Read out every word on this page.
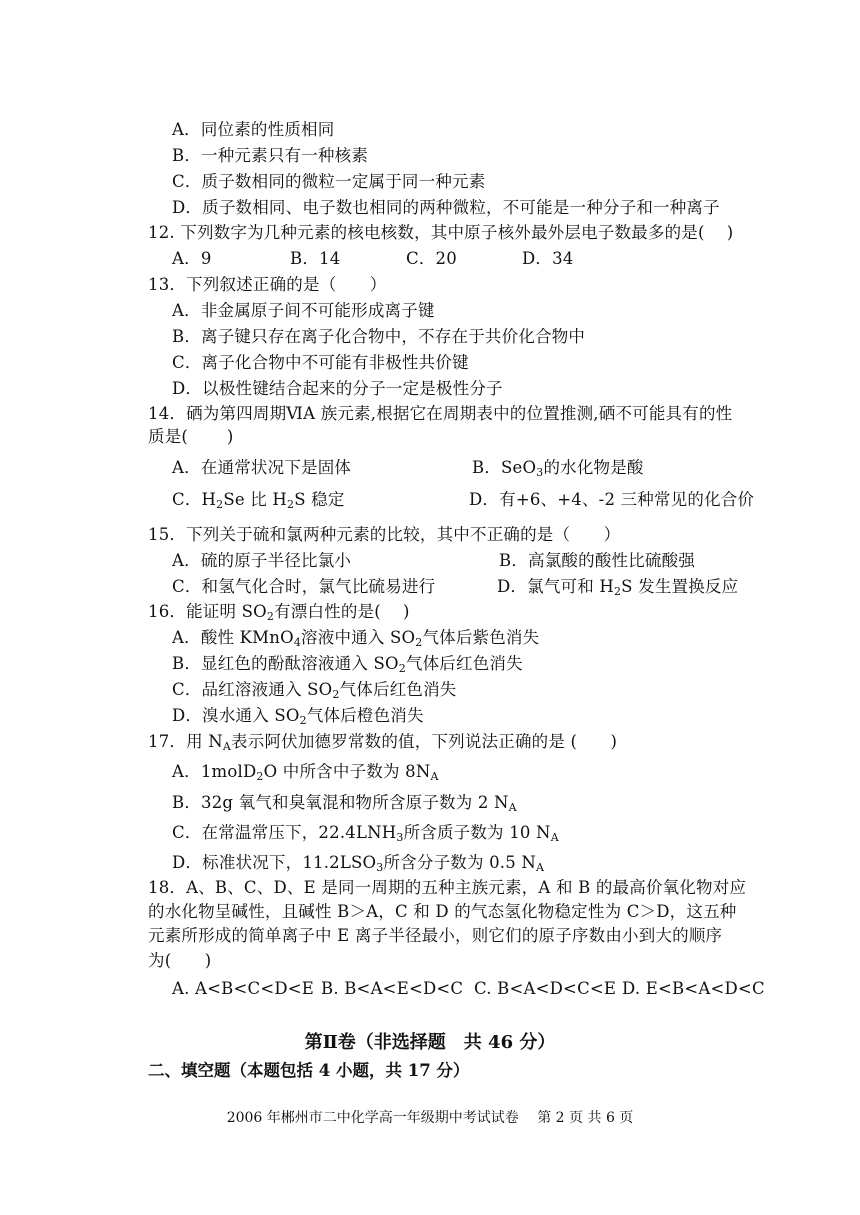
A．同位素的性质相同
B．一种元素只有一种核素
C．质子数相同的微粒一定属于同一种元素
D．质子数相同、电子数也相同的两种微粒，不可能是一种分子和一种离子
12. 下列数字为几种元素的核电核数，其中原子核外最外层电子数最多的是(　 )
A．9	B．14	C．20	D．34
13．下列叙述正确的是（　　）
A．非金属原子间不可能形成离子键
B．离子键只存在离子化合物中，不存在于共价化合物中
C．离子化合物中不可能有非极性共价键
D．以极性键结合起来的分子一定是极性分子
14．硒为第四周期ⅥA 族元素,根据它在周期表中的位置推测,硒不可能具有的性
质是(　　 )
A．在通常状况下是固体	B．SeO$_3$的水化物是酸
C．$H_2Se$ 比 $H_2S$ 稳定	D．有+6、+4、-2 三种常见的化合价
15．下列关于硫和氯两种元素的比较，其中不正确的是（　　）
A．硫的原子半径比氯小	B．高氯酸的酸性比硫酸强
C．和氢气化合时，氯气比硫易进行	D．氯气可和 $H_2S$ 发生置换反应
16．能证明 $SO_2$有漂白性的是(　 )
A．酸性 KMnO$_4$溶液中通入 $SO_2$气体后紫色消失
B．显红色的酚酞溶液通入 $SO_2$气体后红色消失
C．品红溶液通入 $SO_2$气体后红色消失
D．溴水通入 $SO_2$气体后橙色消失
17．用 $N_A$表示阿伏加德罗常数的值，下列说法正确的是 (　　)
A．1molD$_2$O 中所含中子数为 $8N_A$
B．32g 氧气和臭氧混和物所含原子数为 2 $N_A$
C．在常温常压下，$22.4LNH_3$所含质子数为 10 $N_A$
D．标准状况下，$11.2LSO_3$所含分子数为 0.5 $N_A$
18．A、B、C、D、E 是同一周期的五种主族元素，A 和 B 的最高价氧化物对应
的水化物呈碱性，且碱性 B＞A，C 和 D 的气态氢化物稳定性为 C＞D，这五种
元素所形成的简单离子中 E 离子半径最小，则它们的原子序数由小到大的顺序
为(　　)
A. A<B<C<D<E B. B<A<E<D<C C. B<A<D<C<E D. E<B<A<D<C
第Ⅱ卷（非选择题　共 46 分）
二、填空题（本题包括 4 小题，共 17 分）
2006 年郴州市二中化学高一年级期中考试试卷　 第 2 页 共 6 页
